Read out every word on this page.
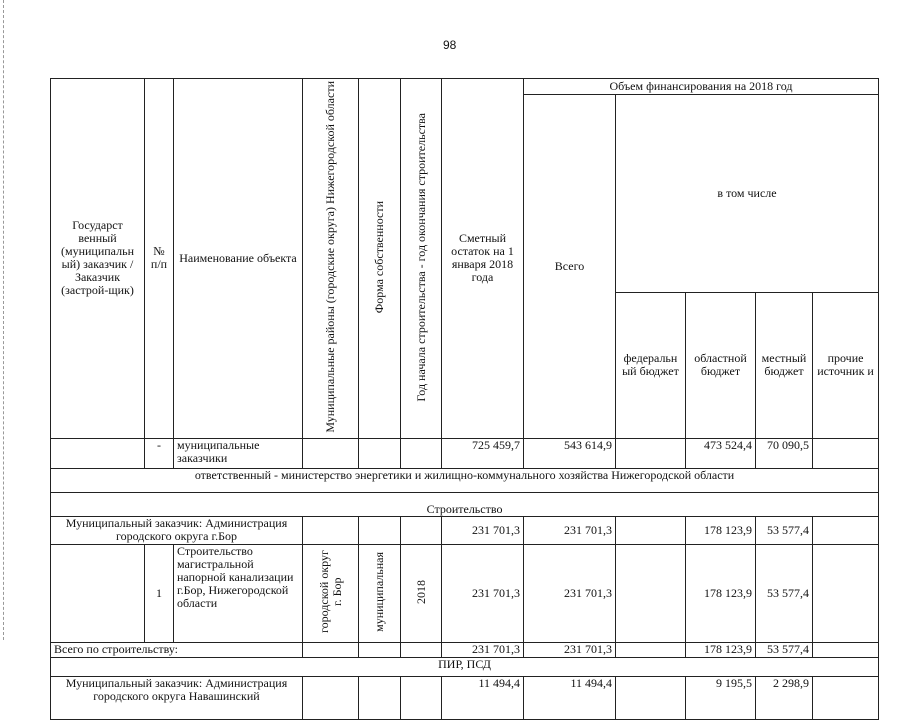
98
Государст венный (муниципальн ый) заказчик / Заказчик (застрой-щик)	№ п/п	Наименование объекта	Муниципальные районы (городские округа) Нижегородской области	Форма собственности	Год начала строительства - год окончания строительства	Сметный остаток на 1 января 2018 года	Объем финансирования на 2018 год				
							Всего	в том числе			
								федеральн ый бюджет	областной бюджет	местный бюджет	прочие источник и
	-	муниципальные заказчики				725 459,7	543 614,9		473 524,4	70 090,5	
ответственный - министерство энергетики и жилищно-коммунального хозяйства Нижегородской области											
Строительство											
Муниципальный заказчик: Администрация городского округа г.Бор						231 701,3	231 701,3		178 123,9	53 577,4	
	1	Строительство магистральной напорной канализации г.Бор, Нижегородской области	городской округ г. Бор	муниципальная	2018	231 701,3	231 701,3		178 123,9	53 577,4	
Всего по строительству:						231 701,3	231 701,3		178 123,9	53 577,4	
ПИР, ПСД											
Муниципальный заказчик: Администрация городского округа Навашинский						11 494,4	11 494,4		9 195,5	2 298,9	
